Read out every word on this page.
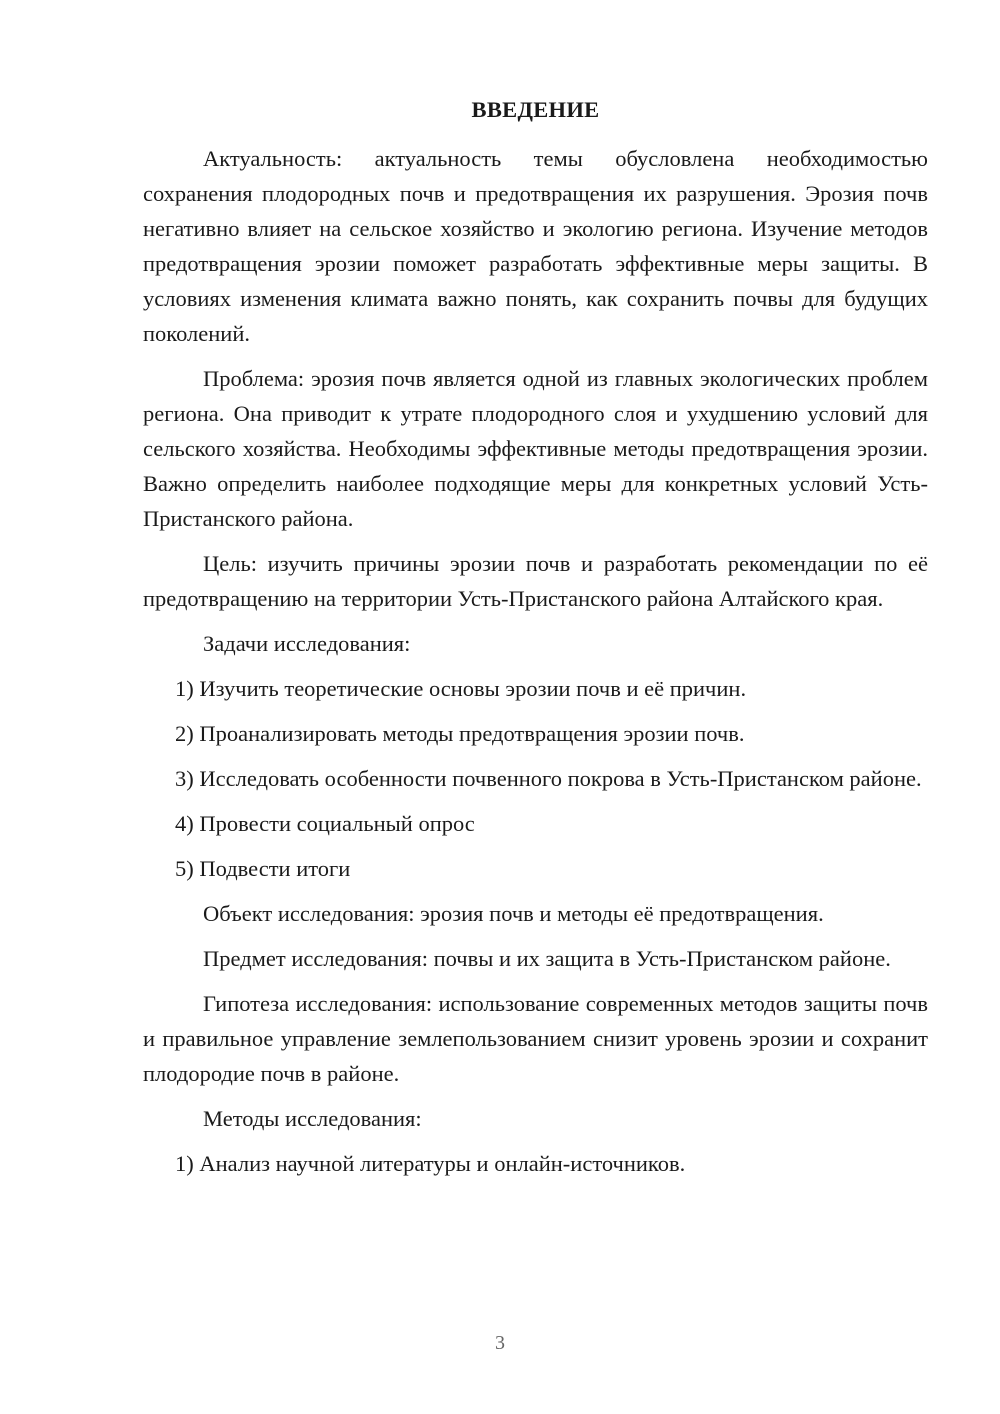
ВВЕДЕНИЕ

Актуальность: актуальность темы обусловлена необходимостью сохранения плодородных почв и предотвращения их разрушения. Эрозия почв негативно влияет на сельское хозяйство и экологию региона. Изучение методов предотвращения эрозии поможет разработать эффективные меры защиты. В условиях изменения климата важно понять, как сохранить почвы для будущих поколений.

Проблема: эрозия почв является одной из главных экологических проблем региона. Она приводит к утрате плодородного слоя и ухудшению условий для сельского хозяйства. Необходимы эффективные методы предотвращения эрозии. Важно определить наиболее подходящие меры для конкретных условий Усть-Пристанского района.

Цель: изучить причины эрозии почв и разработать рекомендации по её предотвращению на территории Усть-Пристанского района Алтайского края.

Задачи исследования:

1) Изучить теоретические основы эрозии почв и её причин.

2) Проанализировать методы предотвращения эрозии почв.

3) Исследовать особенности почвенного покрова в Усть-Пристанском районе.

4) Провести социальный опрос

5) Подвести итоги

Объект исследования: эрозия почв и методы её предотвращения.

Предмет исследования: почвы и их защита в Усть-Пристанском районе.

Гипотеза исследования: использование современных методов защиты почв и правильное управление землепользованием снизит уровень эрозии и сохранит плодородие почв в районе.

Методы исследования:

1) Анализ научной литературы и онлайн-источников.

3
